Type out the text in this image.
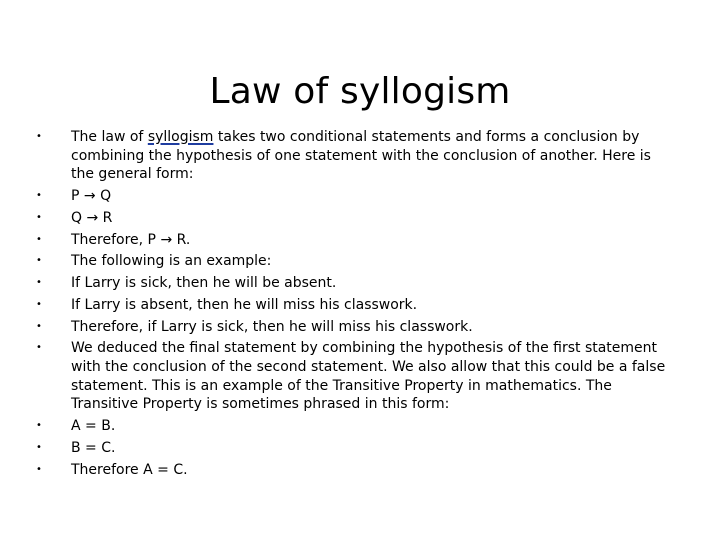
Law of syllogism
• The law of syllogism takes two conditional statements and forms a conclusion by combining the hypothesis of one statement with the conclusion of another. Here is the general form:
• P → Q
• Q → R
• Therefore, P → R.
• The following is an example:
• If Larry is sick, then he will be absent.
• If Larry is absent, then he will miss his classwork.
• Therefore, if Larry is sick, then he will miss his classwork.
• We deduced the final statement by combining the hypothesis of the first statement with the conclusion of the second statement. We also allow that this could be a false statement. This is an example of the Transitive Property in mathematics. The Transitive Property is sometimes phrased in this form:
• A = B.
• B = C.
• Therefore A = C.
